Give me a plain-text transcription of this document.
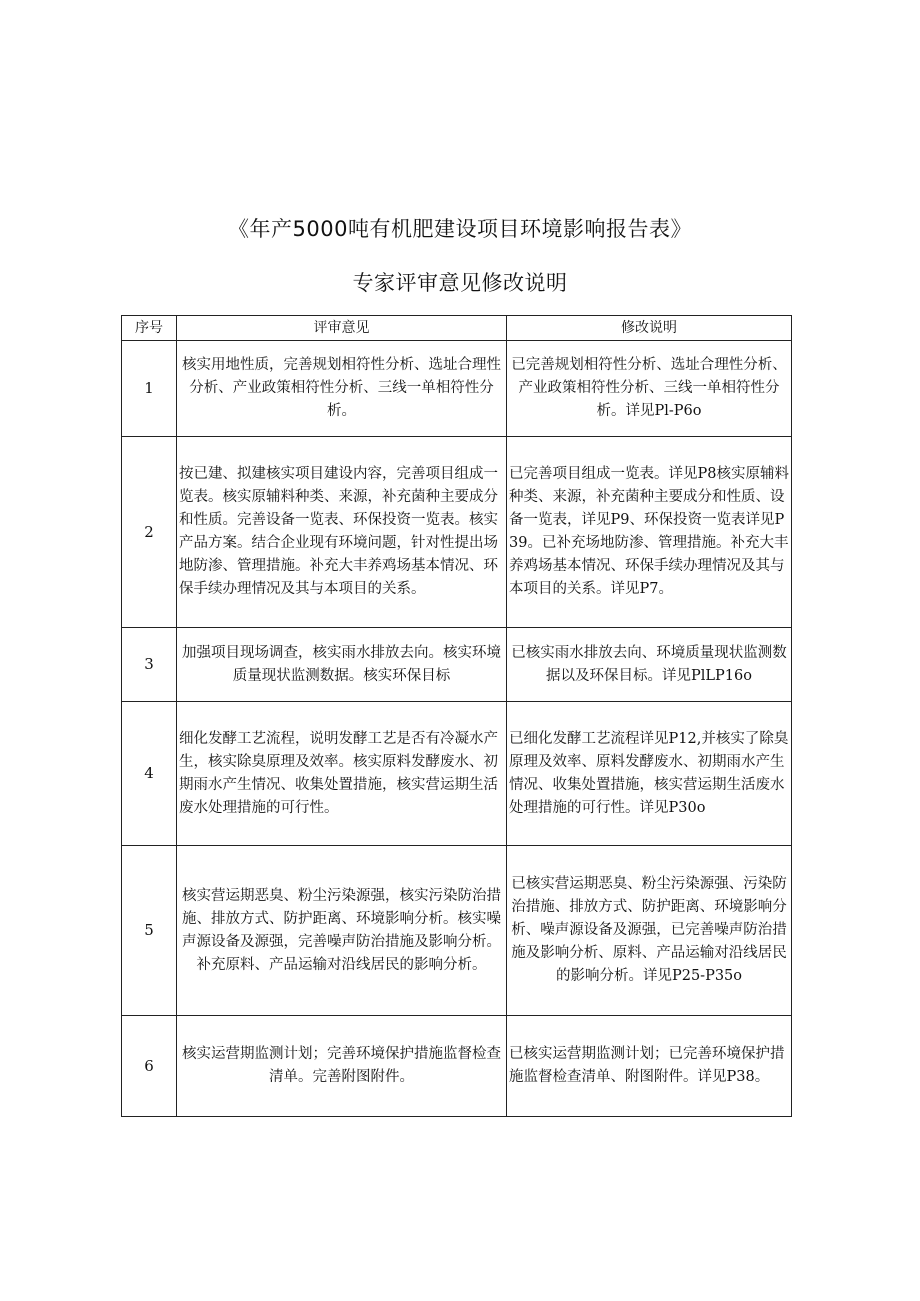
《年产5000吨有机肥建设项目环境影响报告表》
专家评审意见修改说明
序号	评审意见	修改说明
1	核实用地性质，完善规划相符性分析、选址合理性分析、产业政策相符性分析、三线一单相符性分析。	已完善规划相符性分析、选址合理性分析、产业政策相符性分析、三线一单相符性分析。详见Pl-P6o

2	按已建、拟建核实项目建设内容，完善项目组成一览表。核实原辅料种类、来源，补充菌种主要成分和性质。完善设备一览表、环保投资一览表。核实产品方案。结合企业现有环境问题，针对性提出场地防渗、管理措施。补充大丰养鸡场基本情况、环保手续办理情况及其与本项目的关系。	已完善项目组成一览表。详见P8核实原辅料种类、来源，补充菌种主要成分和性质、设备一览表，详见P9、环保投资一览表详见P39。已补充场地防渗、管理措施。补充大丰养鸡场基本情况、环保手续办理情况及其与本项目的关系。详见P7。

3	加强项目现场调查，核实雨水排放去向。核实环境质量现状监测数据。核实环保目标	已核实雨水排放去向、环境质量现状监测数据以及环保目标。详见PlLP16o

4	细化发酵工艺流程，说明发酵工艺是否有冷凝水产生，核实除臭原理及效率。核实原料发酵废水、初期雨水产生情况、收集处置措施，核实营运期生活废水处理措施的可行性。	已细化发酵工艺流程详见P12,并核实了除臭原理及效率、原料发酵废水、初期雨水产生情况、收集处置措施，核实营运期生活废水处理措施的可行性。详见P30o

5	核实营运期恶臭、粉尘污染源强，核实污染防治措施、排放方式、防护距离、环境影响分析。核实噪声源设备及源强，完善噪声防治措施及影响分析。补充原料、产品运输对沿线居民的影响分析。	已核实营运期恶臭、粉尘污染源强、污染防治措施、排放方式、防护距离、环境影响分析、噪声源设备及源强，已完善噪声防治措施及影响分析、原料、产品运输对沿线居民的影响分析。详见P25-P35o

6	核实运营期监测计划；完善环境保护措施监督检查清单。完善附图附件。	已核实运营期监测计划；已完善环境保护措施监督检查清单、附图附件。详见P38。
